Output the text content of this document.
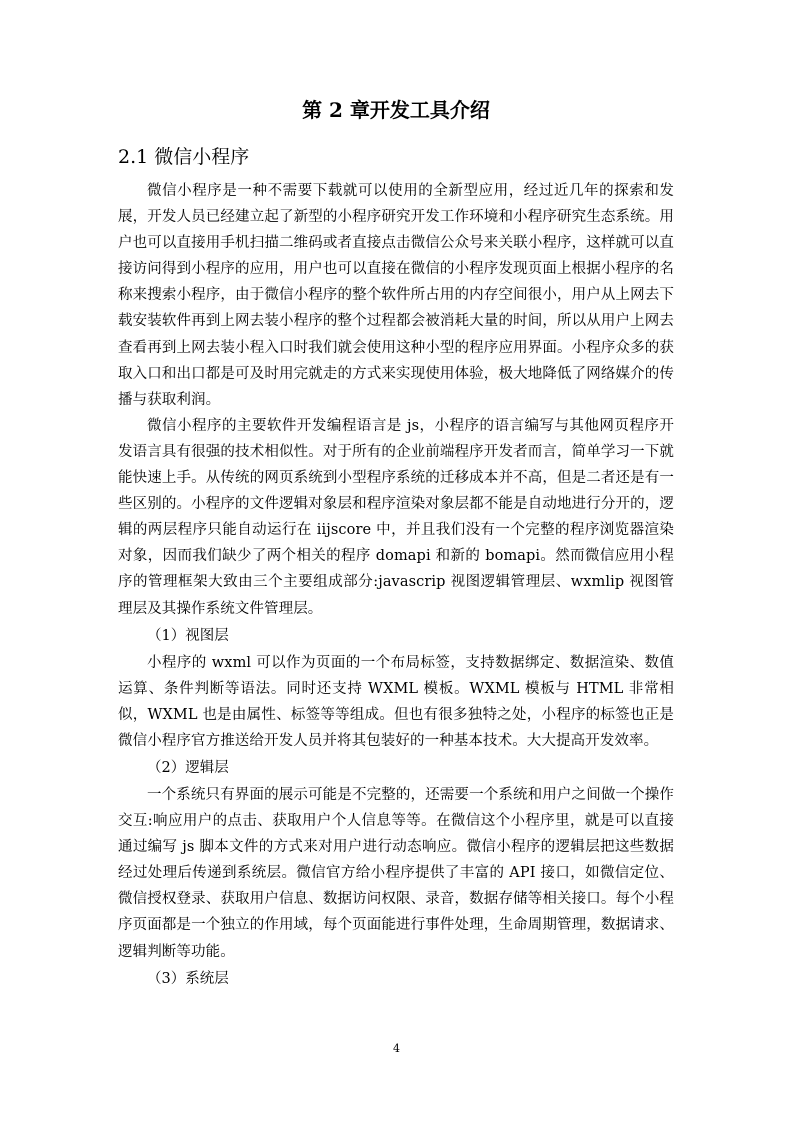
第 2 章开发工具介绍
2.1 微信小程序

微信小程序是一种不需要下载就可以使用的全新型应用，经过近几年的探索和发展，开发人员已经建立起了新型的小程序研究开发工作环境和小程序研究生态系统。用户也可以直接用手机扫描二维码或者直接点击微信公众号来关联小程序，这样就可以直接访问得到小程序的应用，用户也可以直接在微信的小程序发现页面上根据小程序的名称来搜索小程序，由于微信小程序的整个软件所占用的内存空间很小，用户从上网去下载安装软件再到上网去装小程序的整个过程都会被消耗大量的时间，所以从用户上网去查看再到上网去装小程入口时我们就会使用这种小型的程序应用界面。小程序众多的获取入口和出口都是可及时用完就走的方式来实现使用体验，极大地降低了网络媒介的传播与获取利润。

微信小程序的主要软件开发编程语言是 js，小程序的语言编写与其他网页程序开发语言具有很强的技术相似性。对于所有的企业前端程序开发者而言，简单学习一下就能快速上手。从传统的网页系统到小型程序系统的迁移成本并不高，但是二者还是有一些区别的。小程序的文件逻辑对象层和程序渲染对象层都不能是自动地进行分开的，逻辑的两层程序只能自动运行在 iijscore 中，并且我们没有一个完整的程序浏览器渲染对象，因而我们缺少了两个相关的程序 domapi 和新的 bomapi。然而微信应用小程序的管理框架大致由三个主要组成部分:javascrip 视图逻辑管理层、wxmlip 视图管理层及其操作系统文件管理层。

（1）视图层

小程序的 wxml 可以作为页面的一个布局标签，支持数据绑定、数据渲染、数值运算、条件判断等语法。同时还支持 WXML 模板。WXML 模板与 HTML 非常相似，WXML 也是由属性、标签等等组成。但也有很多独特之处，小程序的标签也正是微信小程序官方推送给开发人员并将其包装好的一种基本技术。大大提高开发效率。

（2）逻辑层

一个系统只有界面的展示可能是不完整的，还需要一个系统和用户之间做一个操作交互:响应用户的点击、获取用户个人信息等等。在微信这个小程序里，就是可以直接通过编写 js 脚本文件的方式来对用户进行动态响应。微信小程序的逻辑层把这些数据经过处理后传递到系统层。微信官方给小程序提供了丰富的 API 接口，如微信定位、微信授权登录、获取用户信息、数据访问权限、录音，数据存储等相关接口。每个小程序页面都是一个独立的作用域，每个页面能进行事件处理，生命周期管理，数据请求、逻辑判断等功能。

（3）系统层

4
